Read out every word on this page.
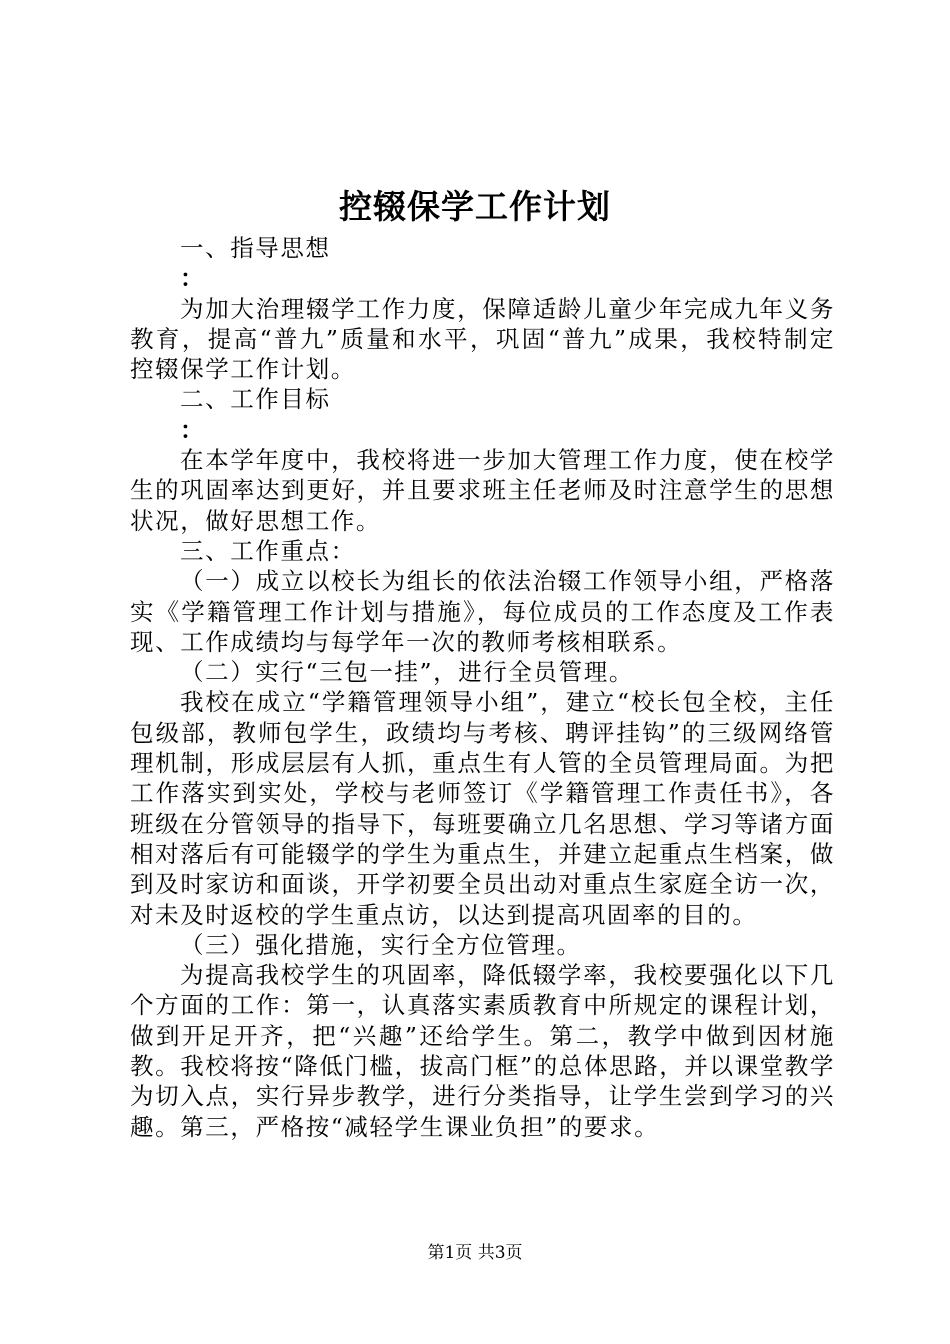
控辍保学工作计划

一、指导思想

：

为加大治理辍学工作力度，保障适龄儿童少年完成九年义务教育，提高“普九”质量和水平，巩固“普九”成果，我校特制定控辍保学工作计划。

二、工作目标

：

在本学年度中，我校将进一步加大管理工作力度，使在校学生的巩固率达到更好，并且要求班主任老师及时注意学生的思想状况，做好思想工作。

三、工作重点：

（一）成立以校长为组长的依法治辍工作领导小组，严格落实《学籍管理工作计划与措施》，每位成员的工作态度及工作表现、工作成绩均与每学年一次的教师考核相联系。

（二）实行“三包一挂”，进行全员管理。

我校在成立“学籍管理领导小组”，建立“校长包全校，主任包级部，教师包学生，政绩均与考核、聘评挂钩”的三级网络管理机制，形成层层有人抓，重点生有人管的全员管理局面。为把工作落实到实处，学校与老师签订《学籍管理工作责任书》，各班级在分管领导的指导下，每班要确立几名思想、学习等诸方面相对落后有可能辍学的学生为重点生，并建立起重点生档案，做到及时家访和面谈，开学初要全员出动对重点生家庭全访一次，对未及时返校的学生重点访，以达到提高巩固率的目的。

（三）强化措施，实行全方位管理。

为提高我校学生的巩固率，降低辍学率，我校要强化以下几个方面的工作：第一，认真落实素质教育中所规定的课程计划，做到开足开齐，把“兴趣”还给学生。第二，教学中做到因材施教。我校将按“降低门槛，拔高门框”的总体思路，并以课堂教学为切入点，实行异步教学，进行分类指导，让学生尝到学习的兴趣。第三，严格按“减轻学生课业负担”的要求。

第1页 共3页
